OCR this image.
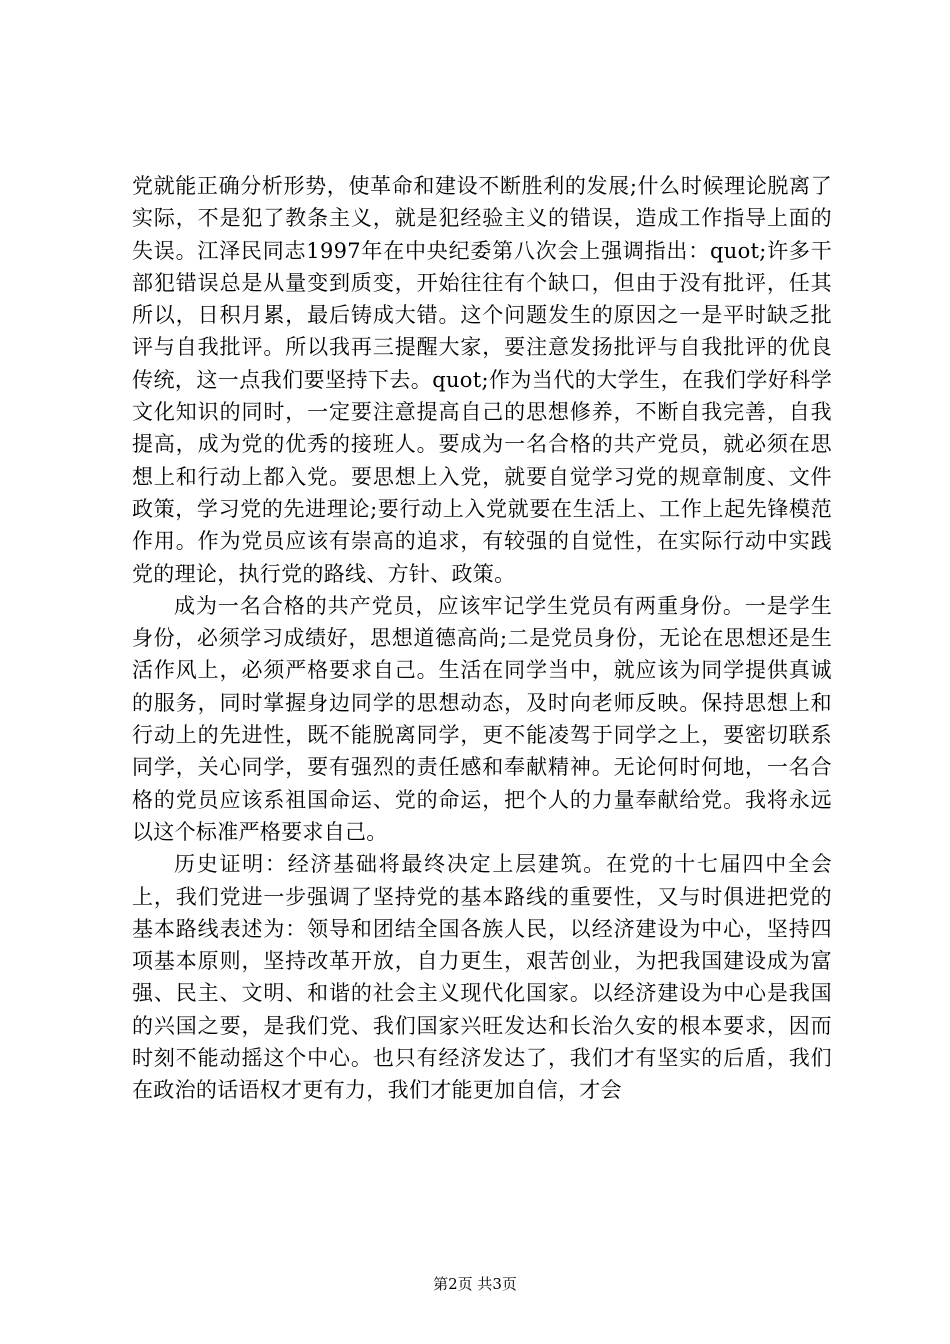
党就能正确分析形势，使革命和建设不断胜利的发展;什么时候理论脱离了实际，不是犯了教条主义，就是犯经验主义的错误，造成工作指导上面的失误。江泽民同志1997年在中央纪委第八次会上强调指出：quot;许多干部犯错误总是从量变到质变，开始往往有个缺口，但由于没有批评，任其所以，日积月累，最后铸成大错。这个问题发生的原因之一是平时缺乏批评与自我批评。所以我再三提醒大家，要注意发扬批评与自我批评的优良传统，这一点我们要坚持下去。quot;作为当代的大学生，在我们学好科学文化知识的同时，一定要注意提高自己的思想修养，不断自我完善，自我提高，成为党的优秀的接班人。要成为一名合格的共产党员，就必须在思想上和行动上都入党。要思想上入党，就要自觉学习党的规章制度、文件政策，学习党的先进理论;要行动上入党就要在生活上、工作上起先锋模范作用。作为党员应该有崇高的追求，有较强的自觉性，在实际行动中实践党的理论，执行党的路线、方针、政策。

成为一名合格的共产党员，应该牢记学生党员有两重身份。一是学生身份，必须学习成绩好，思想道德高尚;二是党员身份，无论在思想还是生活作风上，必须严格要求自己。生活在同学当中，就应该为同学提供真诚的服务，同时掌握身边同学的思想动态，及时向老师反映。保持思想上和行动上的先进性，既不能脱离同学，更不能凌驾于同学之上，要密切联系同学，关心同学，要有强烈的责任感和奉献精神。无论何时何地，一名合格的党员应该系祖国命运、党的命运，把个人的力量奉献给党。我将永远以这个标准严格要求自己。

历史证明：经济基础将最终决定上层建筑。在党的十七届四中全会上，我们党进一步强调了坚持党的基本路线的重要性，又与时俱进把党的基本路线表述为：领导和团结全国各族人民，以经济建设为中心，坚持四项基本原则，坚持改革开放，自力更生，艰苦创业，为把我国建设成为富强、民主、文明、和谐的社会主义现代化国家。以经济建设为中心是我国的兴国之要，是我们党、我们国家兴旺发达和长治久安的根本要求，因而时刻不能动摇这个中心。也只有经济发达了，我们才有坚实的后盾，我们在政治的话语权才更有力，我们才能更加自信，才会

第2页 共3页
